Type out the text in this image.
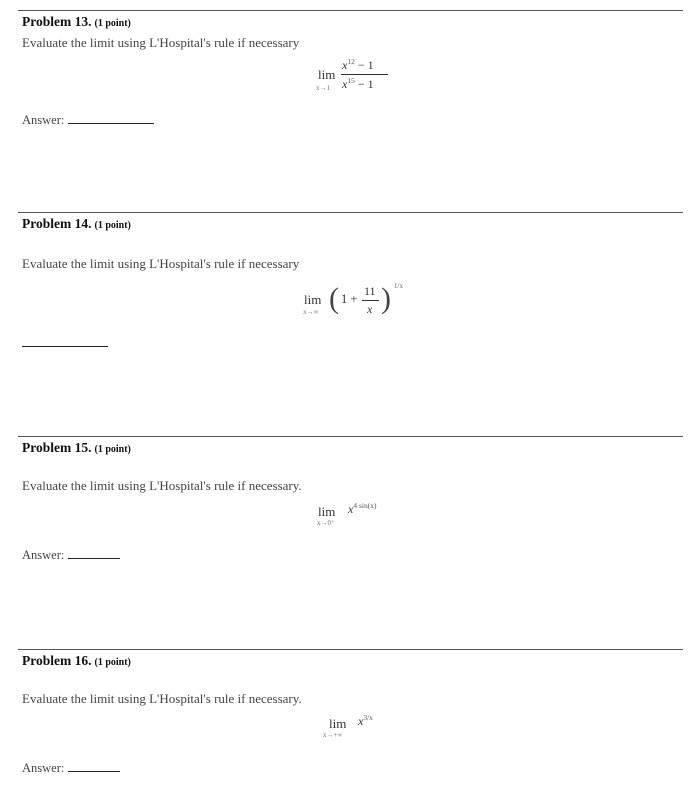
Problem 13. (1 point)
Evaluate the limit using L'Hospital's rule if necessary
lim
x→1
$x^{12} - 1$
$x^{15} - 1$
Answer:
Problem 14. (1 point)
Evaluate the limit using L'Hospital's rule if necessary
lim
x→∞ ( 1 +
11
x ) 1/x
Problem 15. (1 point)
Evaluate the limit using L'Hospital's rule if necessary.
lim
x→0⁺
$x^{4 sin(x)}$
Answer:
Problem 16. (1 point)
Evaluate the limit using L'Hospital's rule if necessary.
lim
x→+∞
$x^{3/x}$
Answer:
